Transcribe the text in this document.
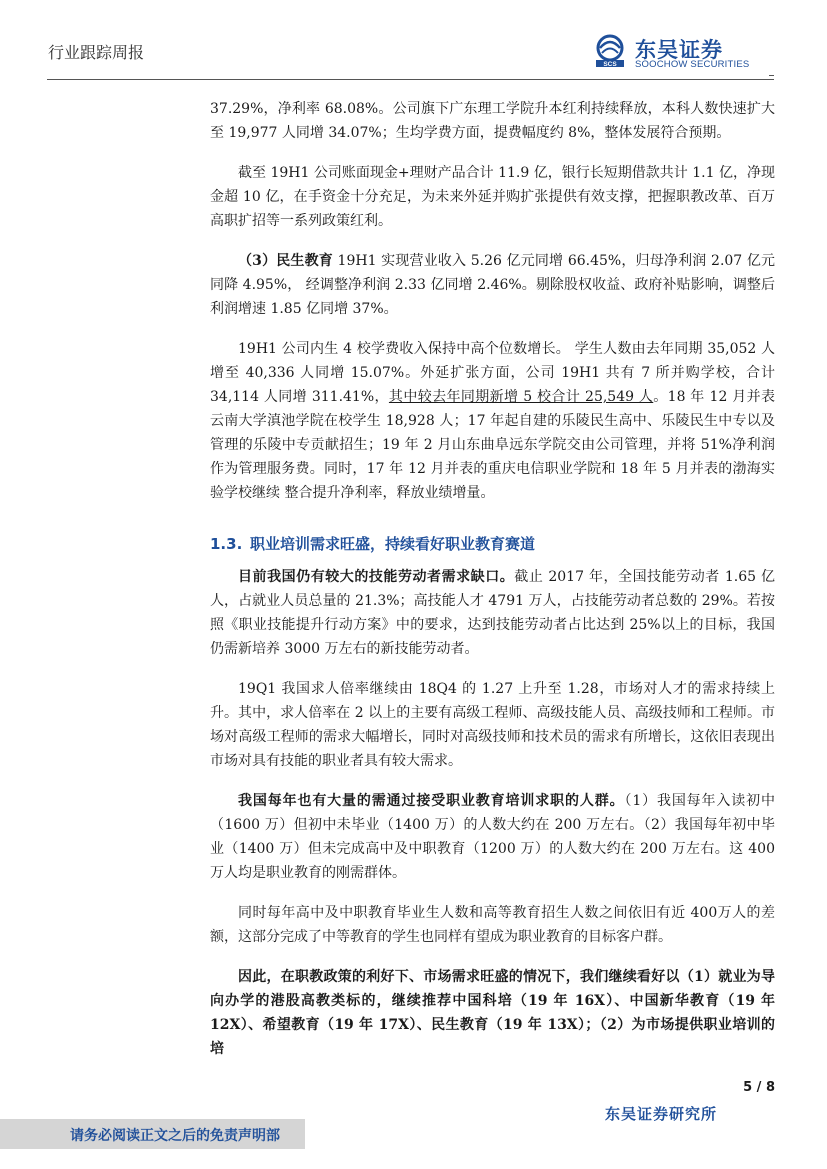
行业跟踪周报
SCS
东吴证券
SOOCHOW SECURITIES

37.29%，净利率 68.08%。公司旗下广东理工学院升本红利持续释放，本科人数快速扩大至 19,977 人同增 34.07%；生均学费方面，提费幅度约 8%，整体发展符合预期。

截至 19H1 公司账面现金+理财产品合计 11.9 亿，银行长短期借款共计 1.1 亿，净现金超 10 亿，在手资金十分充足，为未来外延并购扩张提供有效支撑，把握职教改革、百万高职扩招等一系列政策红利。

（3）民生教育 19H1 实现营业收入 5.26 亿元同增 66.45%，归母净利润 2.07 亿元同降 4.95%， 经调整净利润 2.33 亿同增 2.46%。剔除股权收益、政府补贴影响，调整后利润增速 1.85 亿同增 37%。

19H1 公司内生 4 校学费收入保持中高个位数增长。 学生人数由去年同期 35,052 人增至 40,336 人同增 15.07%。外延扩张方面，公司 19H1 共有 7 所并购学校，合计 34,114 人同增 311.41%，其中较去年同期新增 5 校合计 25,549 人。18 年 12 月并表云南大学滇池学院在校学生 18,928 人；17 年起自建的乐陵民生高中、乐陵民生中专以及管理的乐陵中专贡献招生；19 年 2 月山东曲阜远东学院交由公司管理，并将 51%净利润作为管理服务费。同时，17 年 12 月并表的重庆电信职业学院和 18 年 5 月并表的渤海实验学校继续 整合提升净利率，释放业绩增量。

1.3. 职业培训需求旺盛，持续看好职业教育赛道

目前我国仍有较大的技能劳动者需求缺口。截止 2017 年，全国技能劳动者 1.65 亿人，占就业人员总量的 21.3%；高技能人才 4791 万人，占技能劳动者总数的 29%。若按照《职业技能提升行动方案》中的要求，达到技能劳动者占比达到 25%以上的目标，我国仍需新培养 3000 万左右的新技能劳动者。

19Q1 我国求人倍率继续由 18Q4 的 1.27 上升至 1.28，市场对人才的需求持续上升。其中，求人倍率在 2 以上的主要有高级工程师、高级技能人员、高级技师和工程师。市场对高级工程师的需求大幅增长，同时对高级技师和技术员的需求有所增长，这依旧表现出市场对具有技能的职业者具有较大需求。

我国每年也有大量的需通过接受职业教育培训求职的人群。（1）我国每年入读初中（1600 万）但初中未毕业（1400 万）的人数大约在 200 万左右。（2）我国每年初中毕业（1400 万）但未完成高中及中职教育（1200 万）的人数大约在 200 万左右。这 400 万人均是职业教育的刚需群体。

同时每年高中及中职教育毕业生人数和高等教育招生人数之间依旧有近 400万人的差额，这部分完成了中等教育的学生也同样有望成为职业教育的目标客户群。

因此，在职教政策的利好下、市场需求旺盛的情况下，我们继续看好以（1）就业为导向办学的港股高教类标的，继续推荐中国科培（19 年 16X）、中国新华教育（19 年 12X）、希望教育（19 年 17X）、民生教育（19 年 13X）；（2）为市场提供职业培训的培

5 / 8
东吴证券研究所
请务必阅读正文之后的免责声明部
